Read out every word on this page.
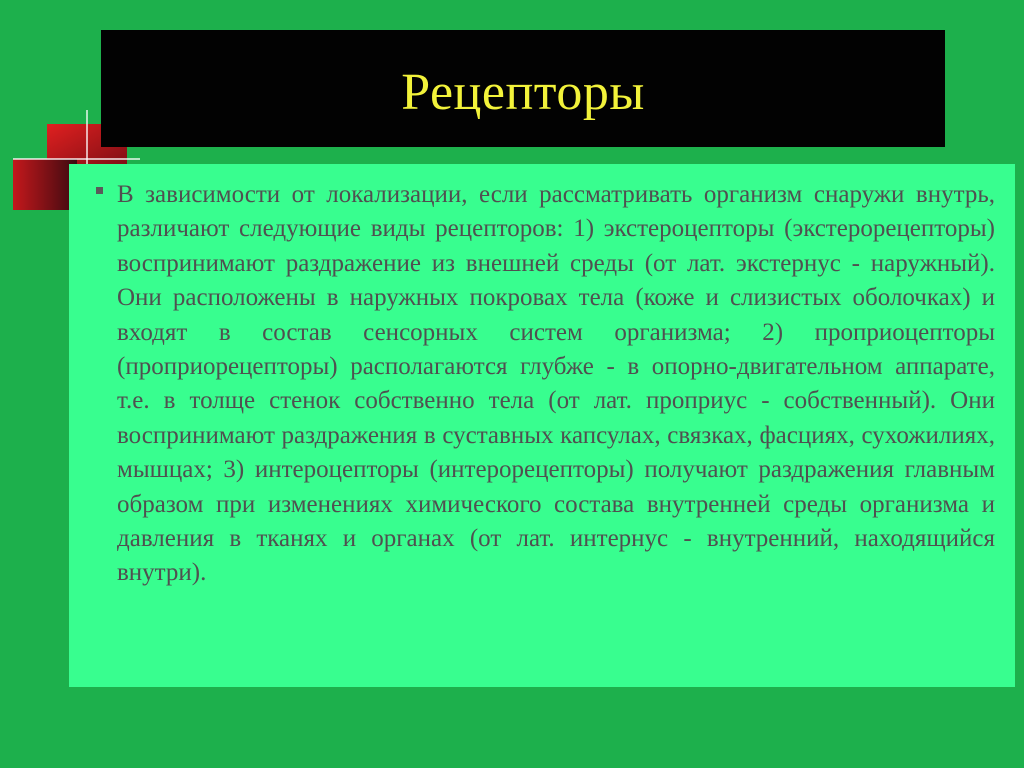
Рецепторы

В зависимости от локализации, если рассматривать организм снаружи внутрь, различают следующие виды рецепторов: 1) экстероцепторы (экстерорецепторы) воспринимают раздражение из внешней среды (от лат. экстернус - наружный). Они расположены в наружных покровах тела (коже и слизистых оболочках) и входят в состав сенсорных систем организма; 2) проприоцепторы (проприорецепторы) располагаются глубже - в опорно-двигательном аппарате, т.е. в толще стенок собственно тела (от лат. проприус - собственный). Они воспринимают раздражения в суставных капсулах, связках, фасциях, сухожилиях, мышцах; 3) интероцепторы (интерорецепторы) получают раздражения главным образом при изменениях химического состава внутренней среды организма и давления в тканях и органах (от лат. интернус - внутренний, находящийся внутри).
